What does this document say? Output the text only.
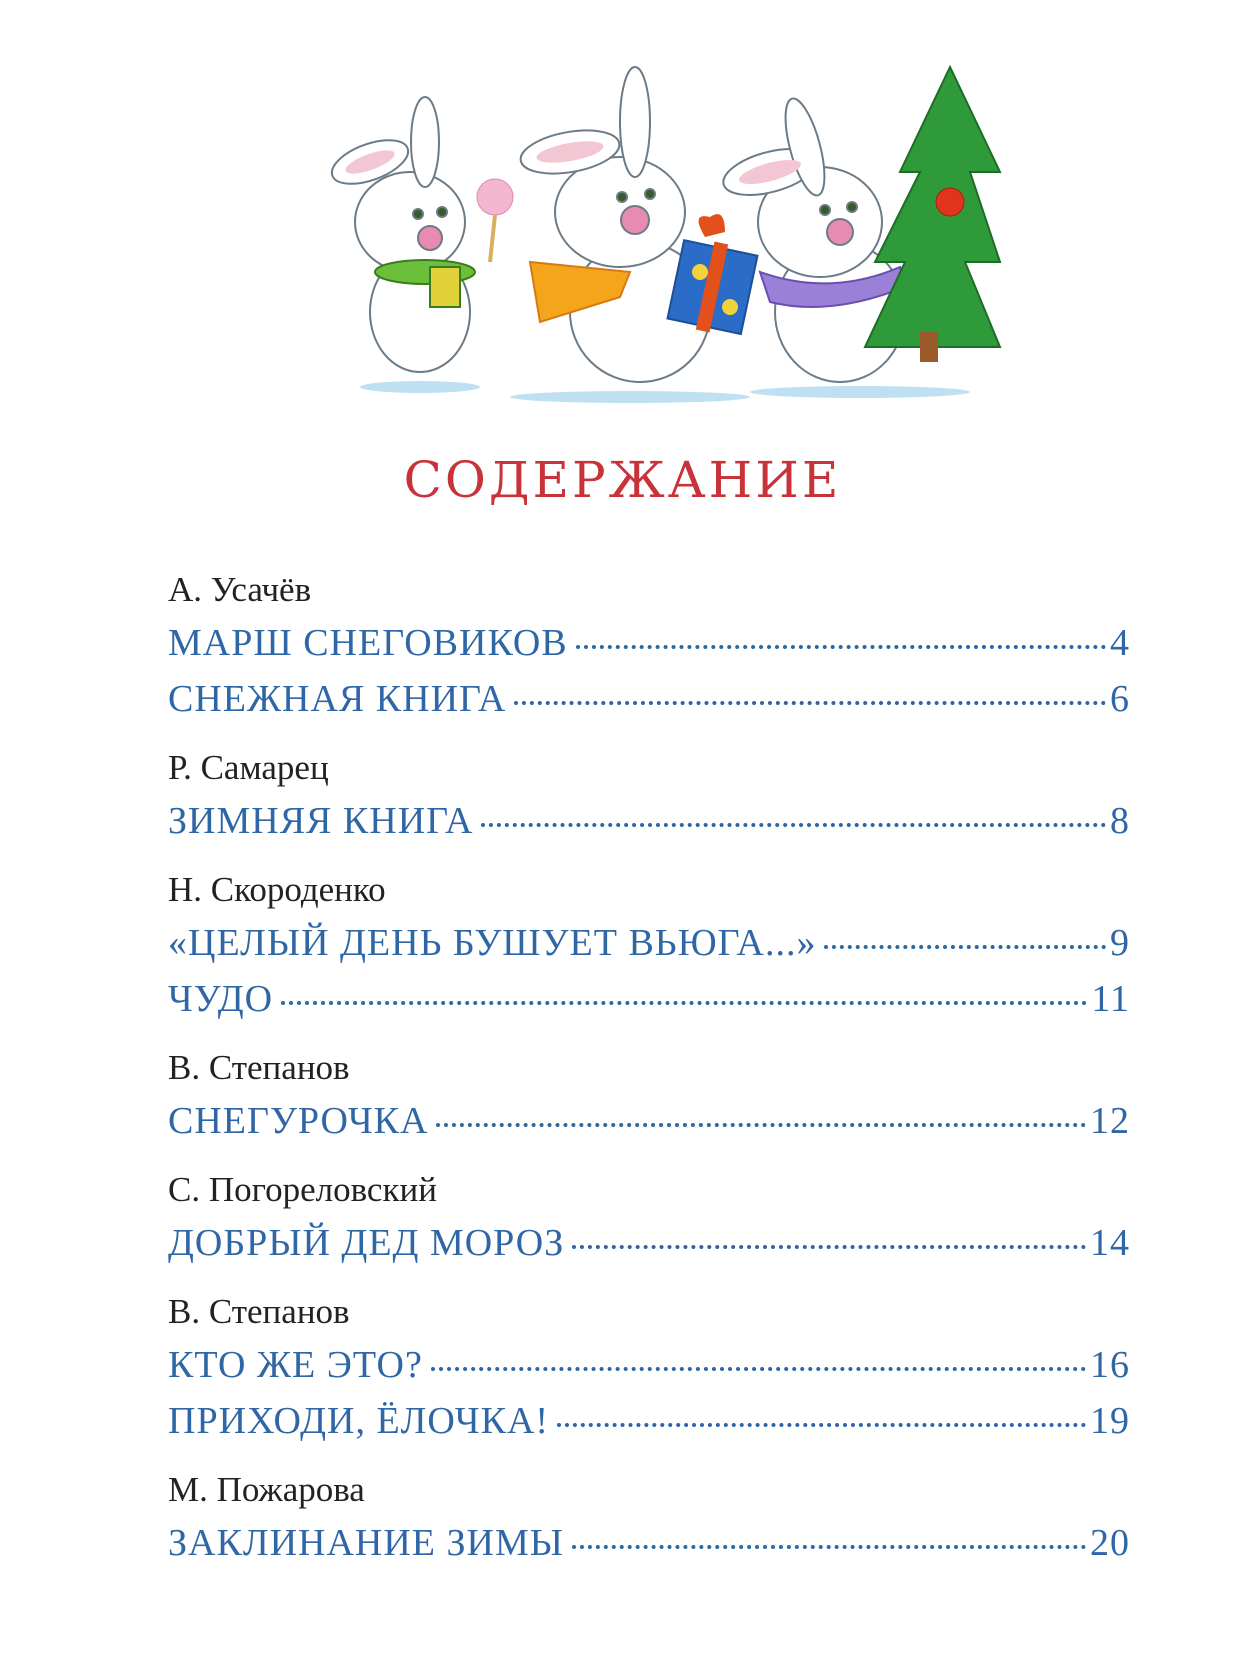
СОДЕРЖАНИЕ
А. Усачёв
МАРШ СНЕГОВИКОВ	4
СНЕЖНАЯ КНИГА	6
Р. Самарец
ЗИМНЯЯ КНИГА	8
Н. Скороденко
«ЦЕЛЫЙ ДЕНЬ БУШУЕТ ВЬЮГА...»	9
ЧУДО	11
В. Степанов
СНЕГУРОЧКА	12
С. Погореловский
ДОБРЫЙ ДЕД МОРОЗ	14
В. Степанов
КТО ЖЕ ЭТО?	16
ПРИХОДИ, ЁЛОЧКА!	19
М. Пожарова
ЗАКЛИНАНИЕ ЗИМЫ	20
